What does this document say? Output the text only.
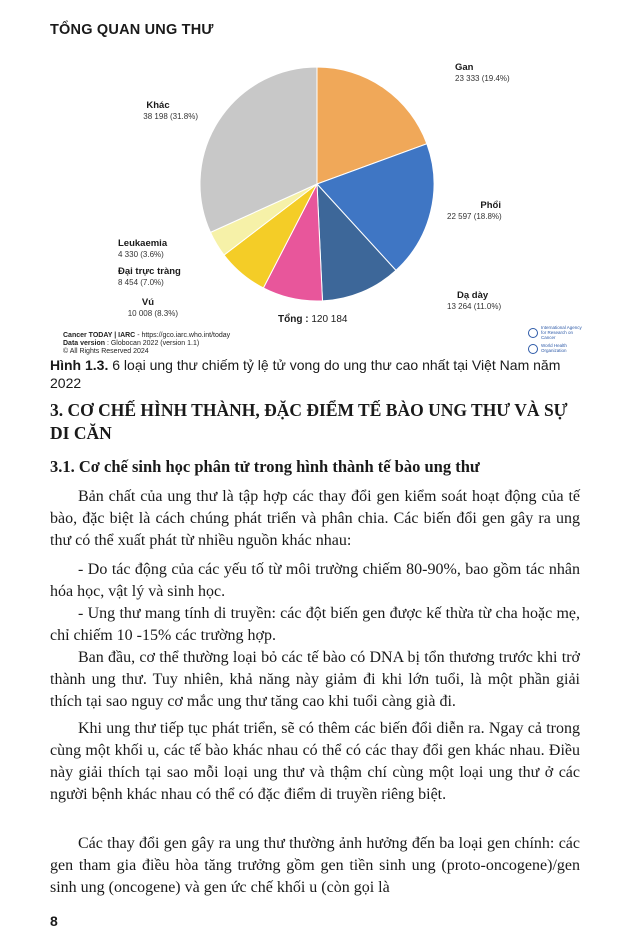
TỔNG QUAN UNG THƯ
Gan
23 333 (19.4%)
Phổi
22 597 (18.8%)
Dạ dày
13 264 (11.0%)
Vú
10 008 (8.3%)
Đại trực tràng
8 454 (7.0%)
Leukaemia
4 330 (3.6%)
Khác
38 198 (31.8%)
Tổng : 120 184
Cancer TODAY | IARC - https://gco.iarc.who.int/today
Data version : Globocan 2022 (version 1.1)
© All Rights Reserved 2024
International Agency for Research on Cancer
World Health Organization
Hình 1.3. 6 loại ung thư chiếm tỷ lệ tử vong do ung thư cao nhất tại Việt Nam năm 2022
3. CƠ CHẾ HÌNH THÀNH, ĐẶC ĐIỂM TẾ BÀO UNG THƯ VÀ SỰ DI CĂN
3.1. Cơ chế sinh học phân tử trong hình thành tế bào ung thư

Bản chất của ung thư là tập hợp các thay đổi gen kiểm soát hoạt động của tế bào, đặc biệt là cách chúng phát triển và phân chia. Các biến đổi gen gây ra ung thư có thể xuất phát từ nhiều nguồn khác nhau:

- Do tác động của các yếu tố từ môi trường chiếm 80-90%, bao gồm tác nhân hóa học, vật lý và sinh học.

- Ung thư mang tính di truyền: các đột biến gen được kế thừa từ cha hoặc mẹ, chỉ chiếm 10 -15% các trường hợp.

Ban đầu, cơ thể thường loại bỏ các tế bào có DNA bị tổn thương trước khi trở thành ung thư. Tuy nhiên, khả năng này giảm đi khi lớn tuổi, là một phần giải thích tại sao nguy cơ mắc ung thư tăng cao khi tuổi càng già đi.

Khi ung thư tiếp tục phát triển, sẽ có thêm các biến đổi diễn ra. Ngay cả trong cùng một khối u, các tế bào khác nhau có thể có các thay đổi gen khác nhau. Điều này giải thích tại sao mỗi loại ung thư và thậm chí cùng một loại ung thư ở các người bệnh khác nhau có thể có đặc điểm di truyền riêng biệt.

Các thay đổi gen gây ra ung thư thường ảnh hưởng đến ba loại gen chính: các gen tham gia điều hòa tăng trưởng gồm gen tiền sinh ung (proto-oncogene)/gen sinh ung (oncogene) và gen ức chế khối u (còn gọi là

8
